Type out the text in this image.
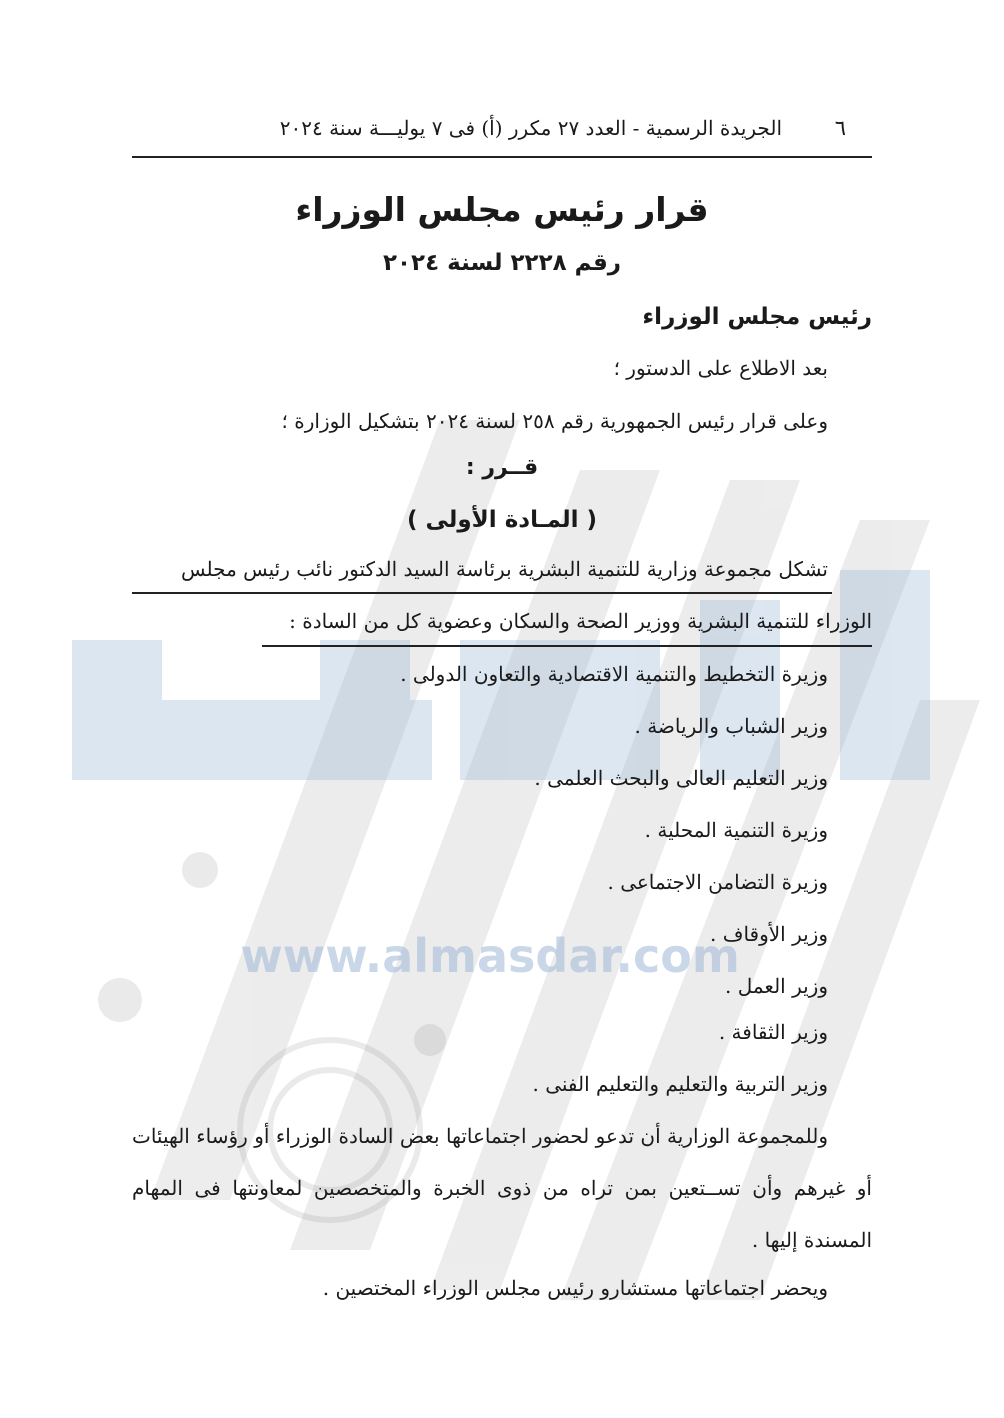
www.almasdar.com
٦
الجريدة الرسمية - العدد ٢٧ مكرر (أ) فى ٧ يوليـــة سنة ٢٠٢٤
قرار رئيس مجلس الوزراء
رقم ٢٢٢٨ لسنة ٢٠٢٤
رئيس مجلس الوزراء
بعد الاطلاع على الدستور ؛
وعلى قرار رئيس الجمهورية رقم ٢٥٨ لسنة ٢٠٢٤ بتشكيل الوزارة ؛
قــرر :
( المـادة الأولى )
تشكل مجموعة وزارية للتنمية البشرية برئاسة السيد الدكتور نائب رئيس مجلس
الوزراء للتنمية البشرية ووزير الصحة والسكان وعضوية كل من السادة :
وزيرة التخطيط والتنمية الاقتصادية والتعاون الدولى .
وزير الشباب والرياضة .
وزير التعليم العالى والبحث العلمى .
وزيرة التنمية المحلية .
وزيرة التضامن الاجتماعى .
وزير الأوقاف .
وزير العمل .
وزير الثقافة .
وزير التربية والتعليم والتعليم الفنى .
وللمجموعة الوزارية أن تدعو لحضور اجتماعاتها بعض السادة الوزراء أو رؤساء الهيئات أو غيرهم وأن تســتعين بمن تراه من ذوى الخبرة والمتخصصين لمعاونتها فى المهام المسندة إليها .
ويحضر اجتماعاتها مستشارو رئيس مجلس الوزراء المختصين .
